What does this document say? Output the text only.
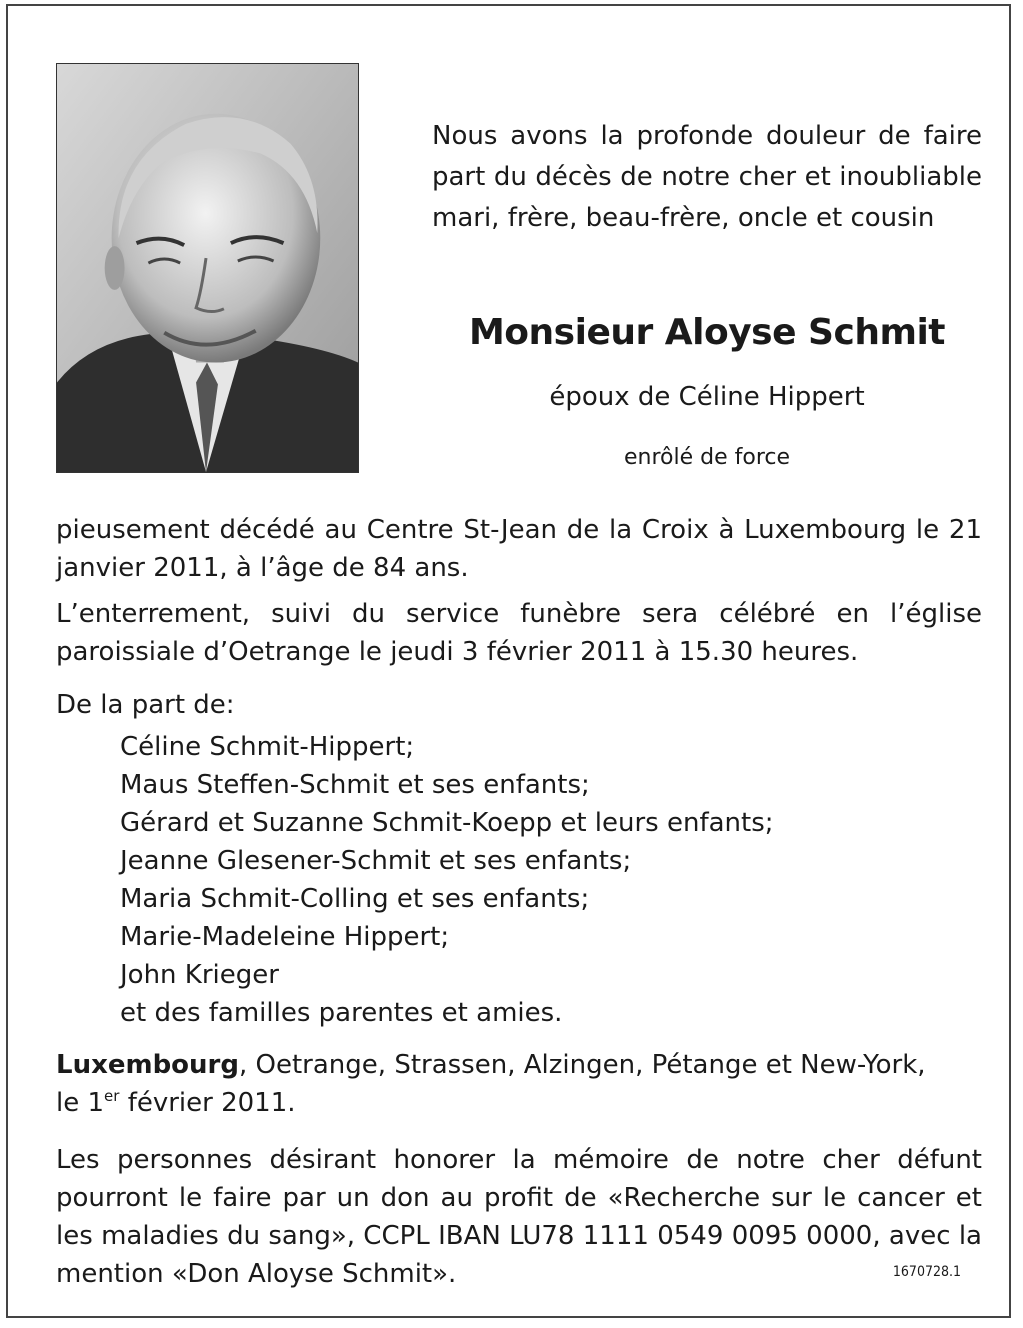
Nous avons la profonde douleur de faire part du décès de notre cher et inoubliable mari, frère, beau-frère, oncle et cousin

Monsieur Aloyse Schmit

époux de Céline Hippert

enrôlé de force

pieusement décédé au Centre St-Jean de la Croix à Luxembourg le 21 janvier 2011, à l’âge de 84 ans.

L’enterrement, suivi du service funèbre sera célébré en l’église paroissiale d’Oetrange le jeudi 3 février 2011 à 15.30 heures.

De la part de:

Céline Schmit-Hippert;
Maus Steffen-Schmit et ses enfants;
Gérard et Suzanne Schmit-Koepp et leurs enfants;
Jeanne Glesener-Schmit et ses enfants;
Maria Schmit-Colling et ses enfants;
Marie-Madeleine Hippert;
John Krieger
et des familles parentes et amies.

Luxembourg, Oetrange, Strassen, Alzingen, Pétange et New-York,
le 1er février 2011.

Les personnes désirant honorer la mémoire de notre cher défunt pourront le faire par un don au profit de «Recherche sur le cancer et les maladies du sang», CCPL IBAN LU78 1111 0549 0095 0000, avec la mention «Don Aloyse Schmit».	1670728.1
